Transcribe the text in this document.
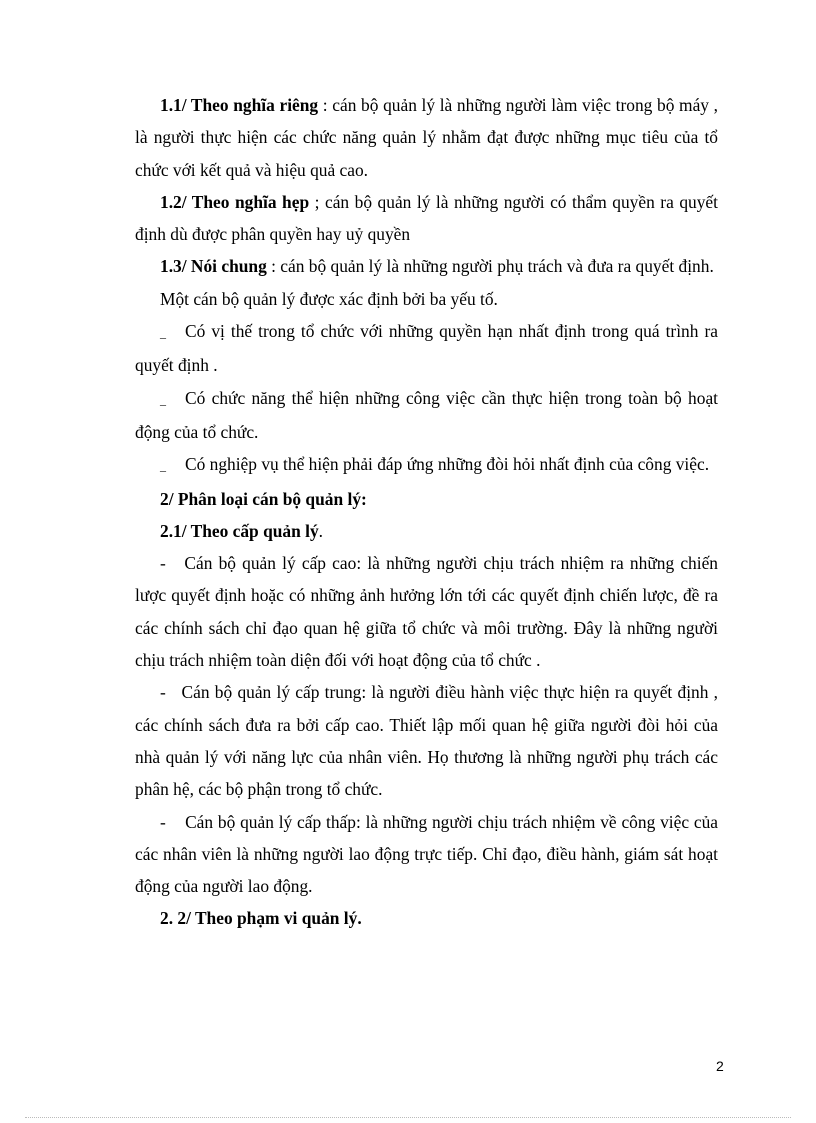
1.1/ Theo nghĩa riêng : cán bộ quản lý là những người làm việc trong bộ máy , là người thực hiện các chức năng quản lý nhằm đạt được những mục tiêu của tổ chức với kết quả và hiệu quả cao.

1.2/ Theo nghĩa hẹp ; cán bộ quản lý là những người có thẩm quyền ra quyết định dù được phân quyền hay uỷ quyền

1.3/ Nói chung : cán bộ quản lý là những người phụ trách và đưa ra quyết định.

Một cán bộ quản lý được xác định bởi ba yếu tố.

_ Có vị thế trong tổ chức với những quyền hạn nhất định trong quá trình ra quyết định .

_ Có chức năng thể hiện những công việc cần thực hiện trong toàn bộ hoạt động của tổ chức.

_ Có nghiệp vụ thể hiện phải đáp ứng những đòi hỏi nhất định của công việc.

2/ Phân loại cán bộ quản lý:

2.1/ Theo cấp quản lý.

- Cán bộ quản lý cấp cao: là những người chịu trách nhiệm ra những chiến lược quyết định hoặc có những ảnh hưởng lớn tới các quyết định chiến lược, đề ra các chính sách chỉ đạo quan hệ giữa tổ chức và môi trường. Đây là những người chịu trách nhiệm toàn diện đối với hoạt động của tổ chức .

- Cán bộ quản lý cấp trung: là người điều hành việc thực hiện ra quyết định , các chính sách đưa ra bởi cấp cao. Thiết lập mối quan hệ giữa người đòi hỏi của nhà quản lý với năng lực của nhân viên. Họ thương là những người phụ trách các phân hệ, các bộ phận trong tổ chức.

- Cán bộ quản lý cấp thấp: là những người chịu trách nhiệm về công việc của các nhân viên là những người lao động trực tiếp. Chỉ đạo, điều hành, giám sát hoạt động của người lao động.

2. 2/ Theo phạm vi quản lý.

2
